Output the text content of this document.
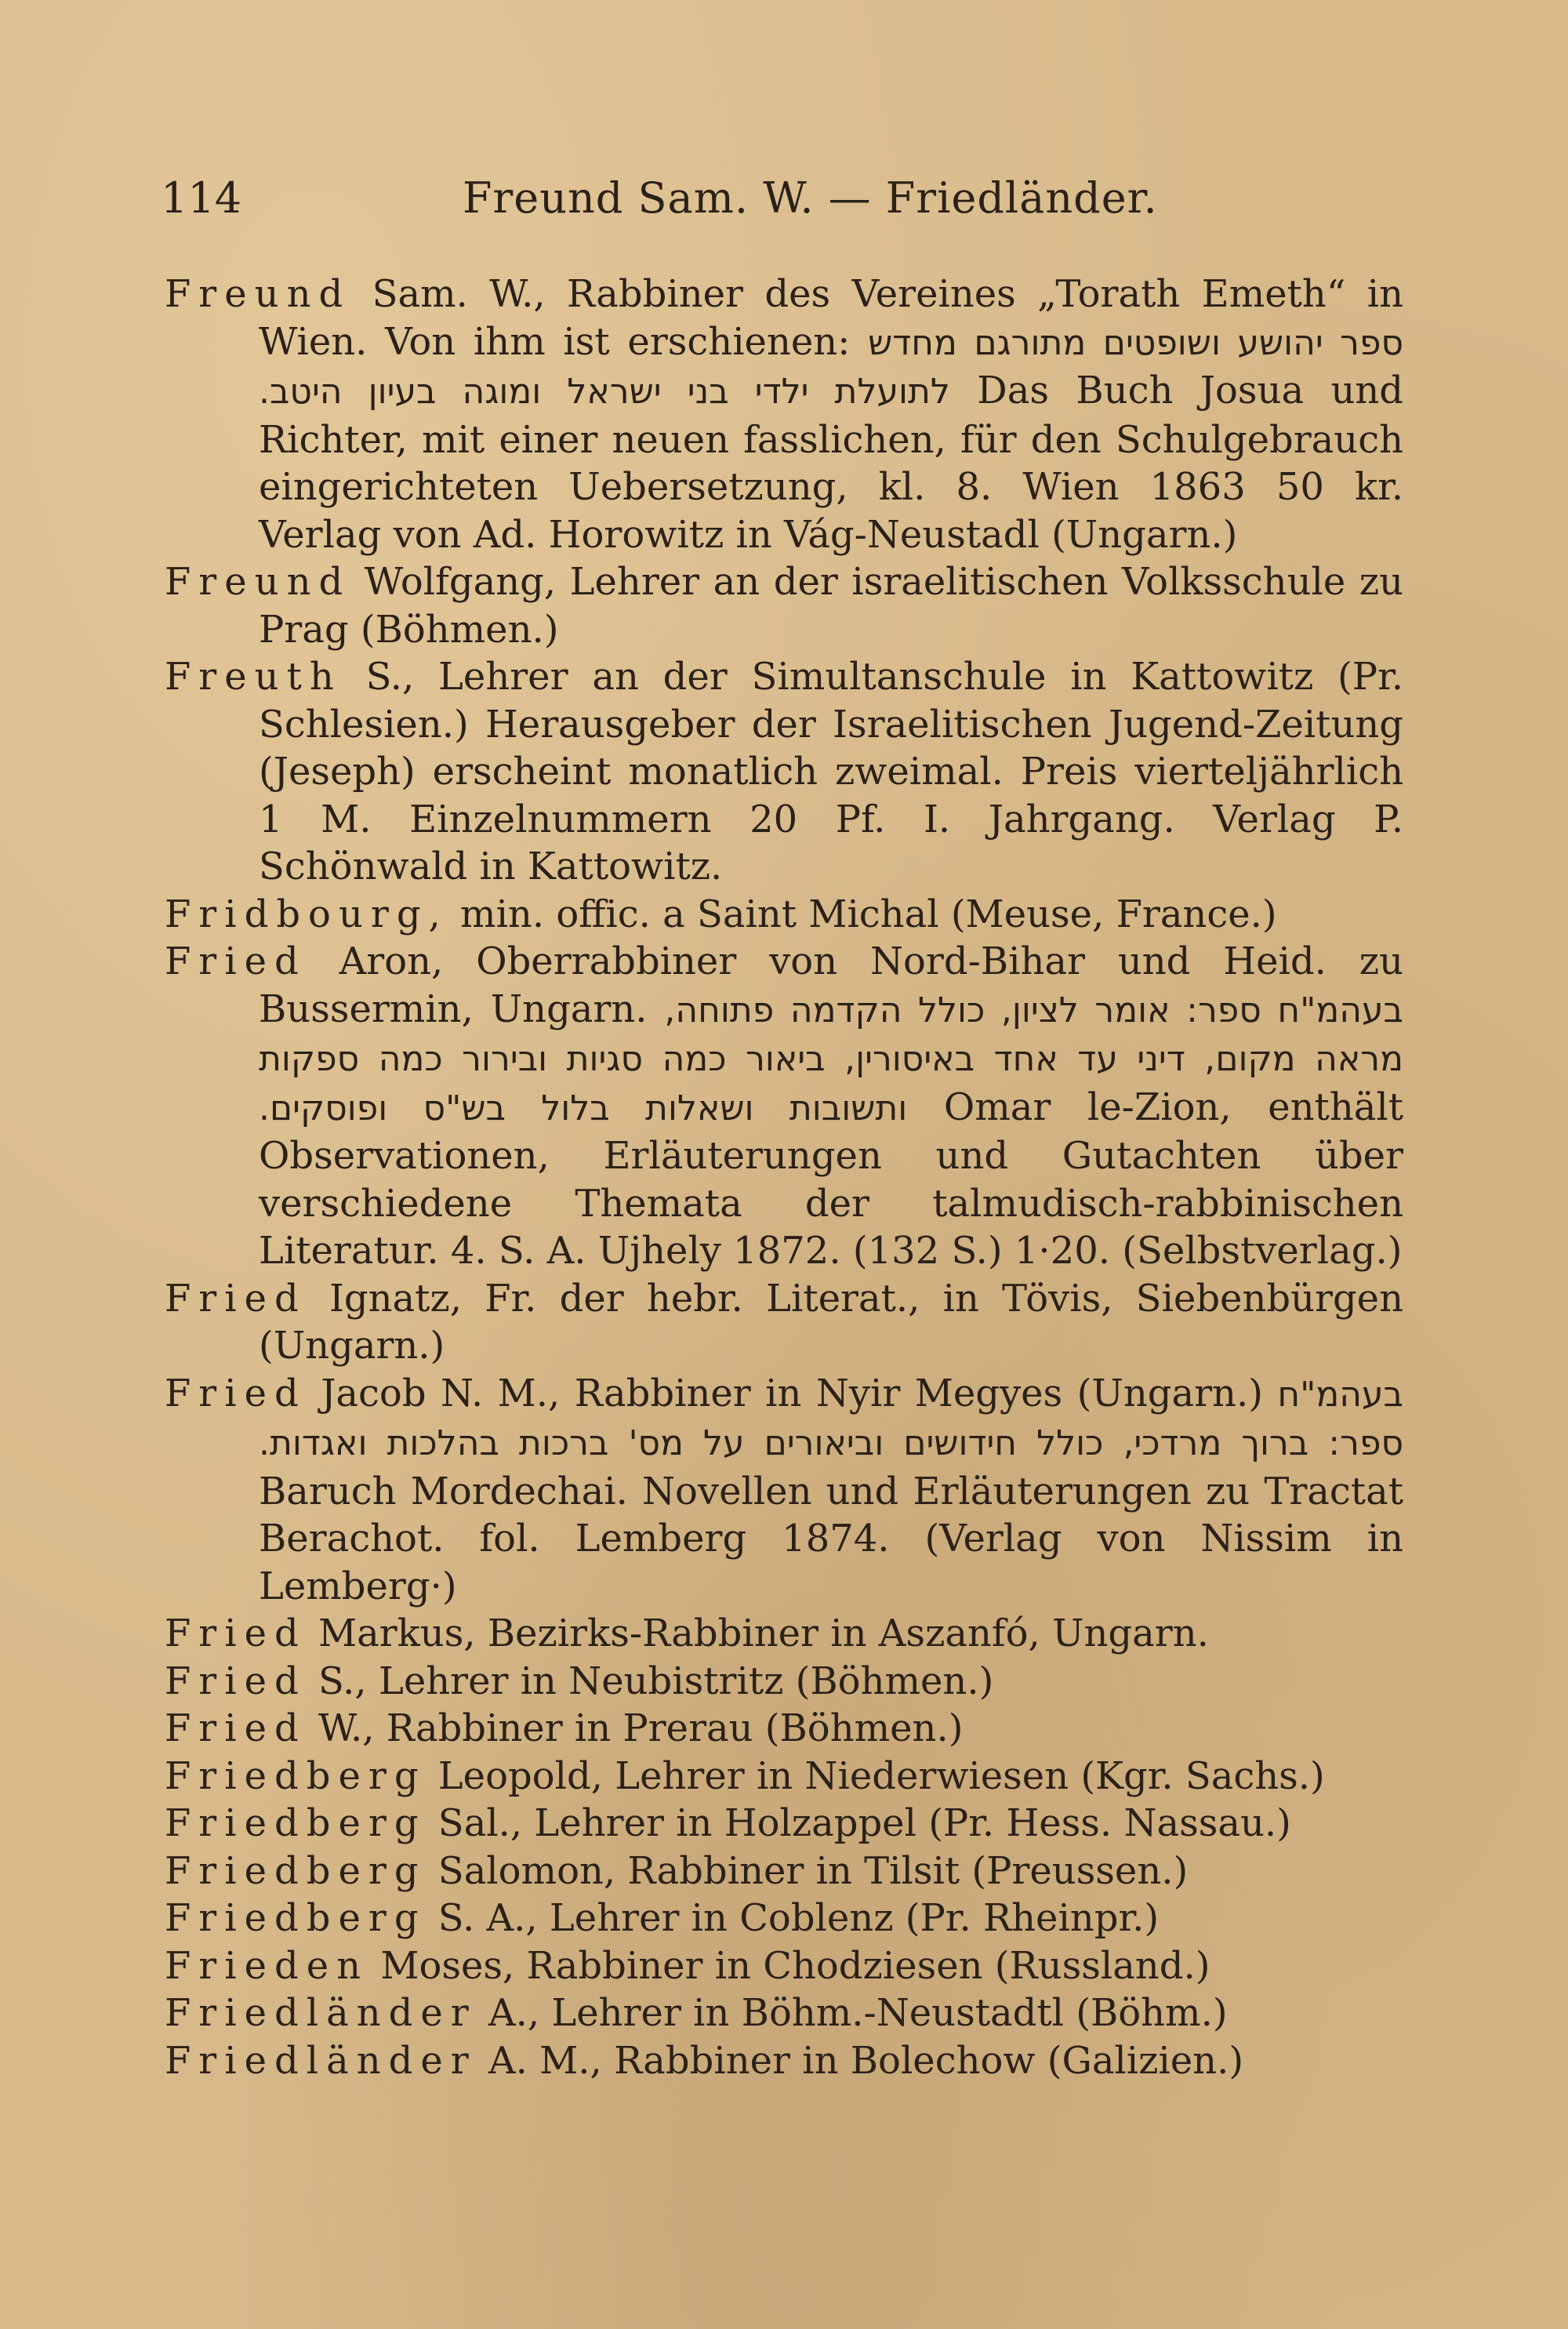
114	Freund Sam. W. — Friedländer.

Freund Sam. W., Rabbiner des Vereines „Torath Emeth“ in Wien. Von ihm ist erschienen: ספר יהושע ושופטים מתורגם מחדש לתועלת ילדי בני ישראל ומוגה בעיון היטב. Das Buch Josua und Richter, mit einer neuen fasslichen, für den Schulgebrauch eingerichteten Uebersetzung, kl. 8. Wien 1863 50 kr. Verlag von Ad. Horowitz in Vág-Neustadl (Ungarn.)

Freund Wolfgang, Lehrer an der israelitischen Volksschule zu Prag (Böhmen.)

Freuth S., Lehrer an der Simultanschule in Kattowitz (Pr. Schlesien.) Herausgeber der Israelitischen Jugend-Zeitung (Jeseph) erscheint monatlich zweimal. Preis vierteljährlich 1 M. Einzelnummern 20 Pf. I. Jahrgang. Verlag P. Schönwald in Kattowitz.

Fridbourg, min. offic. a Saint Michal (Meuse, France.)

Fried Aron, Oberrabbiner von Nord-Bihar und Heid. zu Bussermin, Ungarn. בעהמ"ח ספר: אומר לציון, כולל הקדמה פתוחה, מראה מקום, דיני עד אחד באיסורין, ביאור כמה סגיות ובירור כמה ספקות ותשובות ושאלות בלול בש"ס ופוסקים. Omar le-Zion, enthält Observationen, Erläuterungen und Gutachten über verschiedene Themata der talmudisch-rabbinischen Literatur. 4. S. A. Ujhely 1872. (132 S.) 1·20. (Selbstverlag.)

Fried Ignatz, Fr. der hebr. Literat., in Tövis, Siebenbürgen (Ungarn.)

Fried Jacob N. M., Rabbiner in Nyir Megyes (Ungarn.) בעהמ"ח ספר: ברוך מרדכי, כולל חידושים וביאורים על מס' ברכות בהלכות ואגדות. Baruch Mordechai. Novellen und Erläuterungen zu Tractat Berachot. fol. Lemberg 1874. (Verlag von Nissim in Lemberg·)

Fried Markus, Bezirks-Rabbiner in Aszanfó, Ungarn.

Fried S., Lehrer in Neubistritz (Böhmen.)

Fried W., Rabbiner in Prerau (Böhmen.)

Friedberg Leopold, Lehrer in Niederwiesen (Kgr. Sachs.)

Friedberg Sal., Lehrer in Holzappel (Pr. Hess. Nassau.)

Friedberg Salomon, Rabbiner in Tilsit (Preussen.)

Friedberg S. A., Lehrer in Coblenz (Pr. Rheinpr.)

Frieden Moses, Rabbiner in Chodziesen (Russland.)

Friedländer A., Lehrer in Böhm.-Neustadtl (Böhm.)

Friedländer A. M., Rabbiner in Bolechow (Galizien.)
